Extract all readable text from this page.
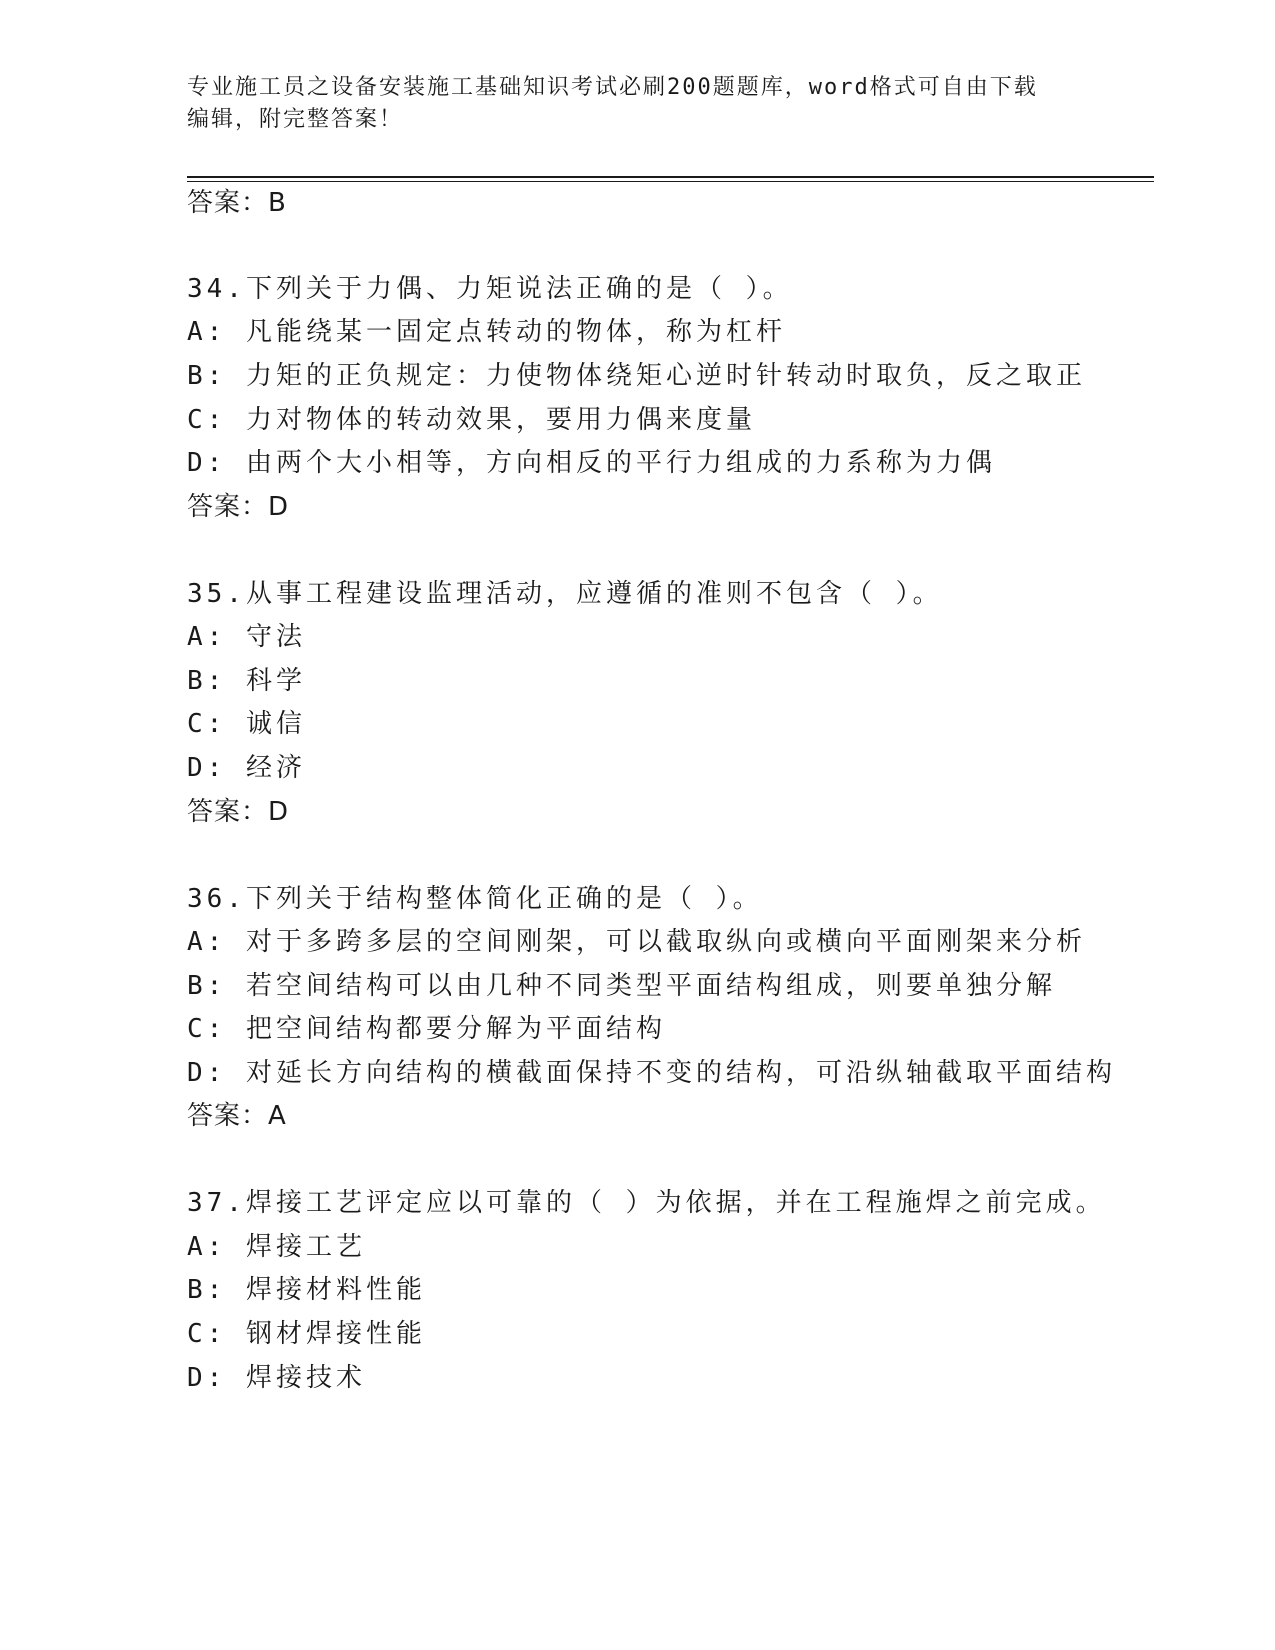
专业施工员之设备安装施工基础知识考试必刷200题题库，word格式可自由下载
编辑，附完整答案！
答案：B
34.下列关于力偶、力矩说法正确的是（ ）。
A: 凡能绕某一固定点转动的物体，称为杠杆
B: 力矩的正负规定：力使物体绕矩心逆时针转动时取负，反之取正
C: 力对物体的转动效果，要用力偶来度量
D: 由两个大小相等，方向相反的平行力组成的力系称为力偶
答案：D
35.从事工程建设监理活动，应遵循的准则不包含（ ）。
A: 守法
B: 科学
C: 诚信
D: 经济
答案：D
36.下列关于结构整体简化正确的是（ ）。
A: 对于多跨多层的空间刚架，可以截取纵向或横向平面刚架来分析
B: 若空间结构可以由几种不同类型平面结构组成，则要单独分解
C: 把空间结构都要分解为平面结构
D: 对延长方向结构的横截面保持不变的结构，可沿纵轴截取平面结构
答案：A
37.焊接工艺评定应以可靠的（ ）为依据，并在工程施焊之前完成。
A: 焊接工艺
B: 焊接材料性能
C: 钢材焊接性能
D: 焊接技术
